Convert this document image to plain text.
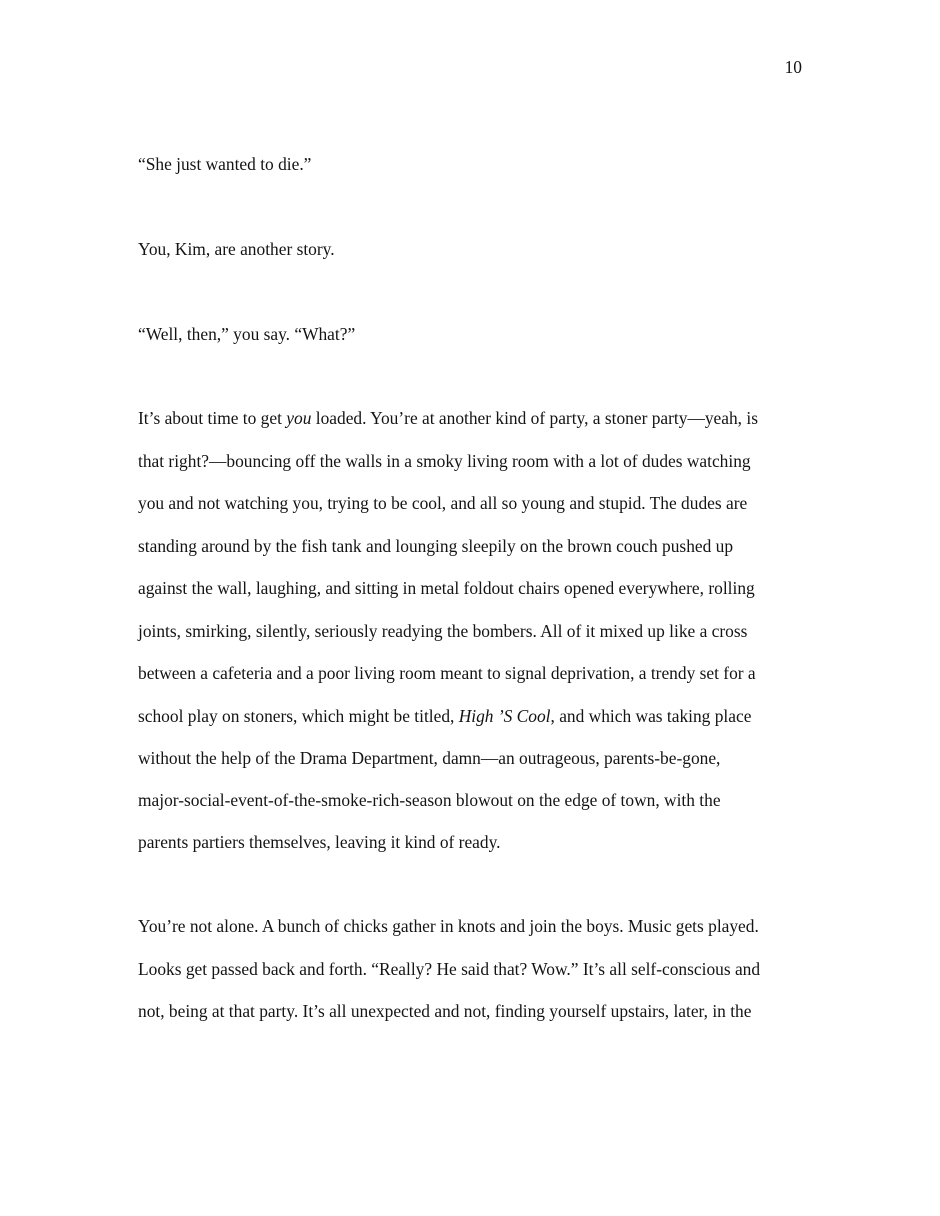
10
“She just wanted to die.”
You, Kim, are another story.
“Well, then,” you say. “What?”
It’s about time to get you loaded. You’re at another kind of party, a stoner party—yeah, is
that right?—bouncing off the walls in a smoky living room with a lot of dudes watching
you and not watching you, trying to be cool, and all so young and stupid. The dudes are
standing around by the fish tank and lounging sleepily on the brown couch pushed up
against the wall, laughing, and sitting in metal foldout chairs opened everywhere, rolling
joints, smirking, silently, seriously readying the bombers. All of it mixed up like a cross
between a cafeteria and a poor living room meant to signal deprivation, a trendy set for a
school play on stoners, which might be titled, High ’S Cool, and which was taking place
without the help of the Drama Department, damn—an outrageous, parents-be-gone,
major-social-event-of-the-smoke-rich-season blowout on the edge of town, with the
parents partiers themselves, leaving it kind of ready.
You’re not alone. A bunch of chicks gather in knots and join the boys. Music gets played.
Looks get passed back and forth. “Really? He said that? Wow.” It’s all self-conscious and
not, being at that party. It’s all unexpected and not, finding yourself upstairs, later, in the
